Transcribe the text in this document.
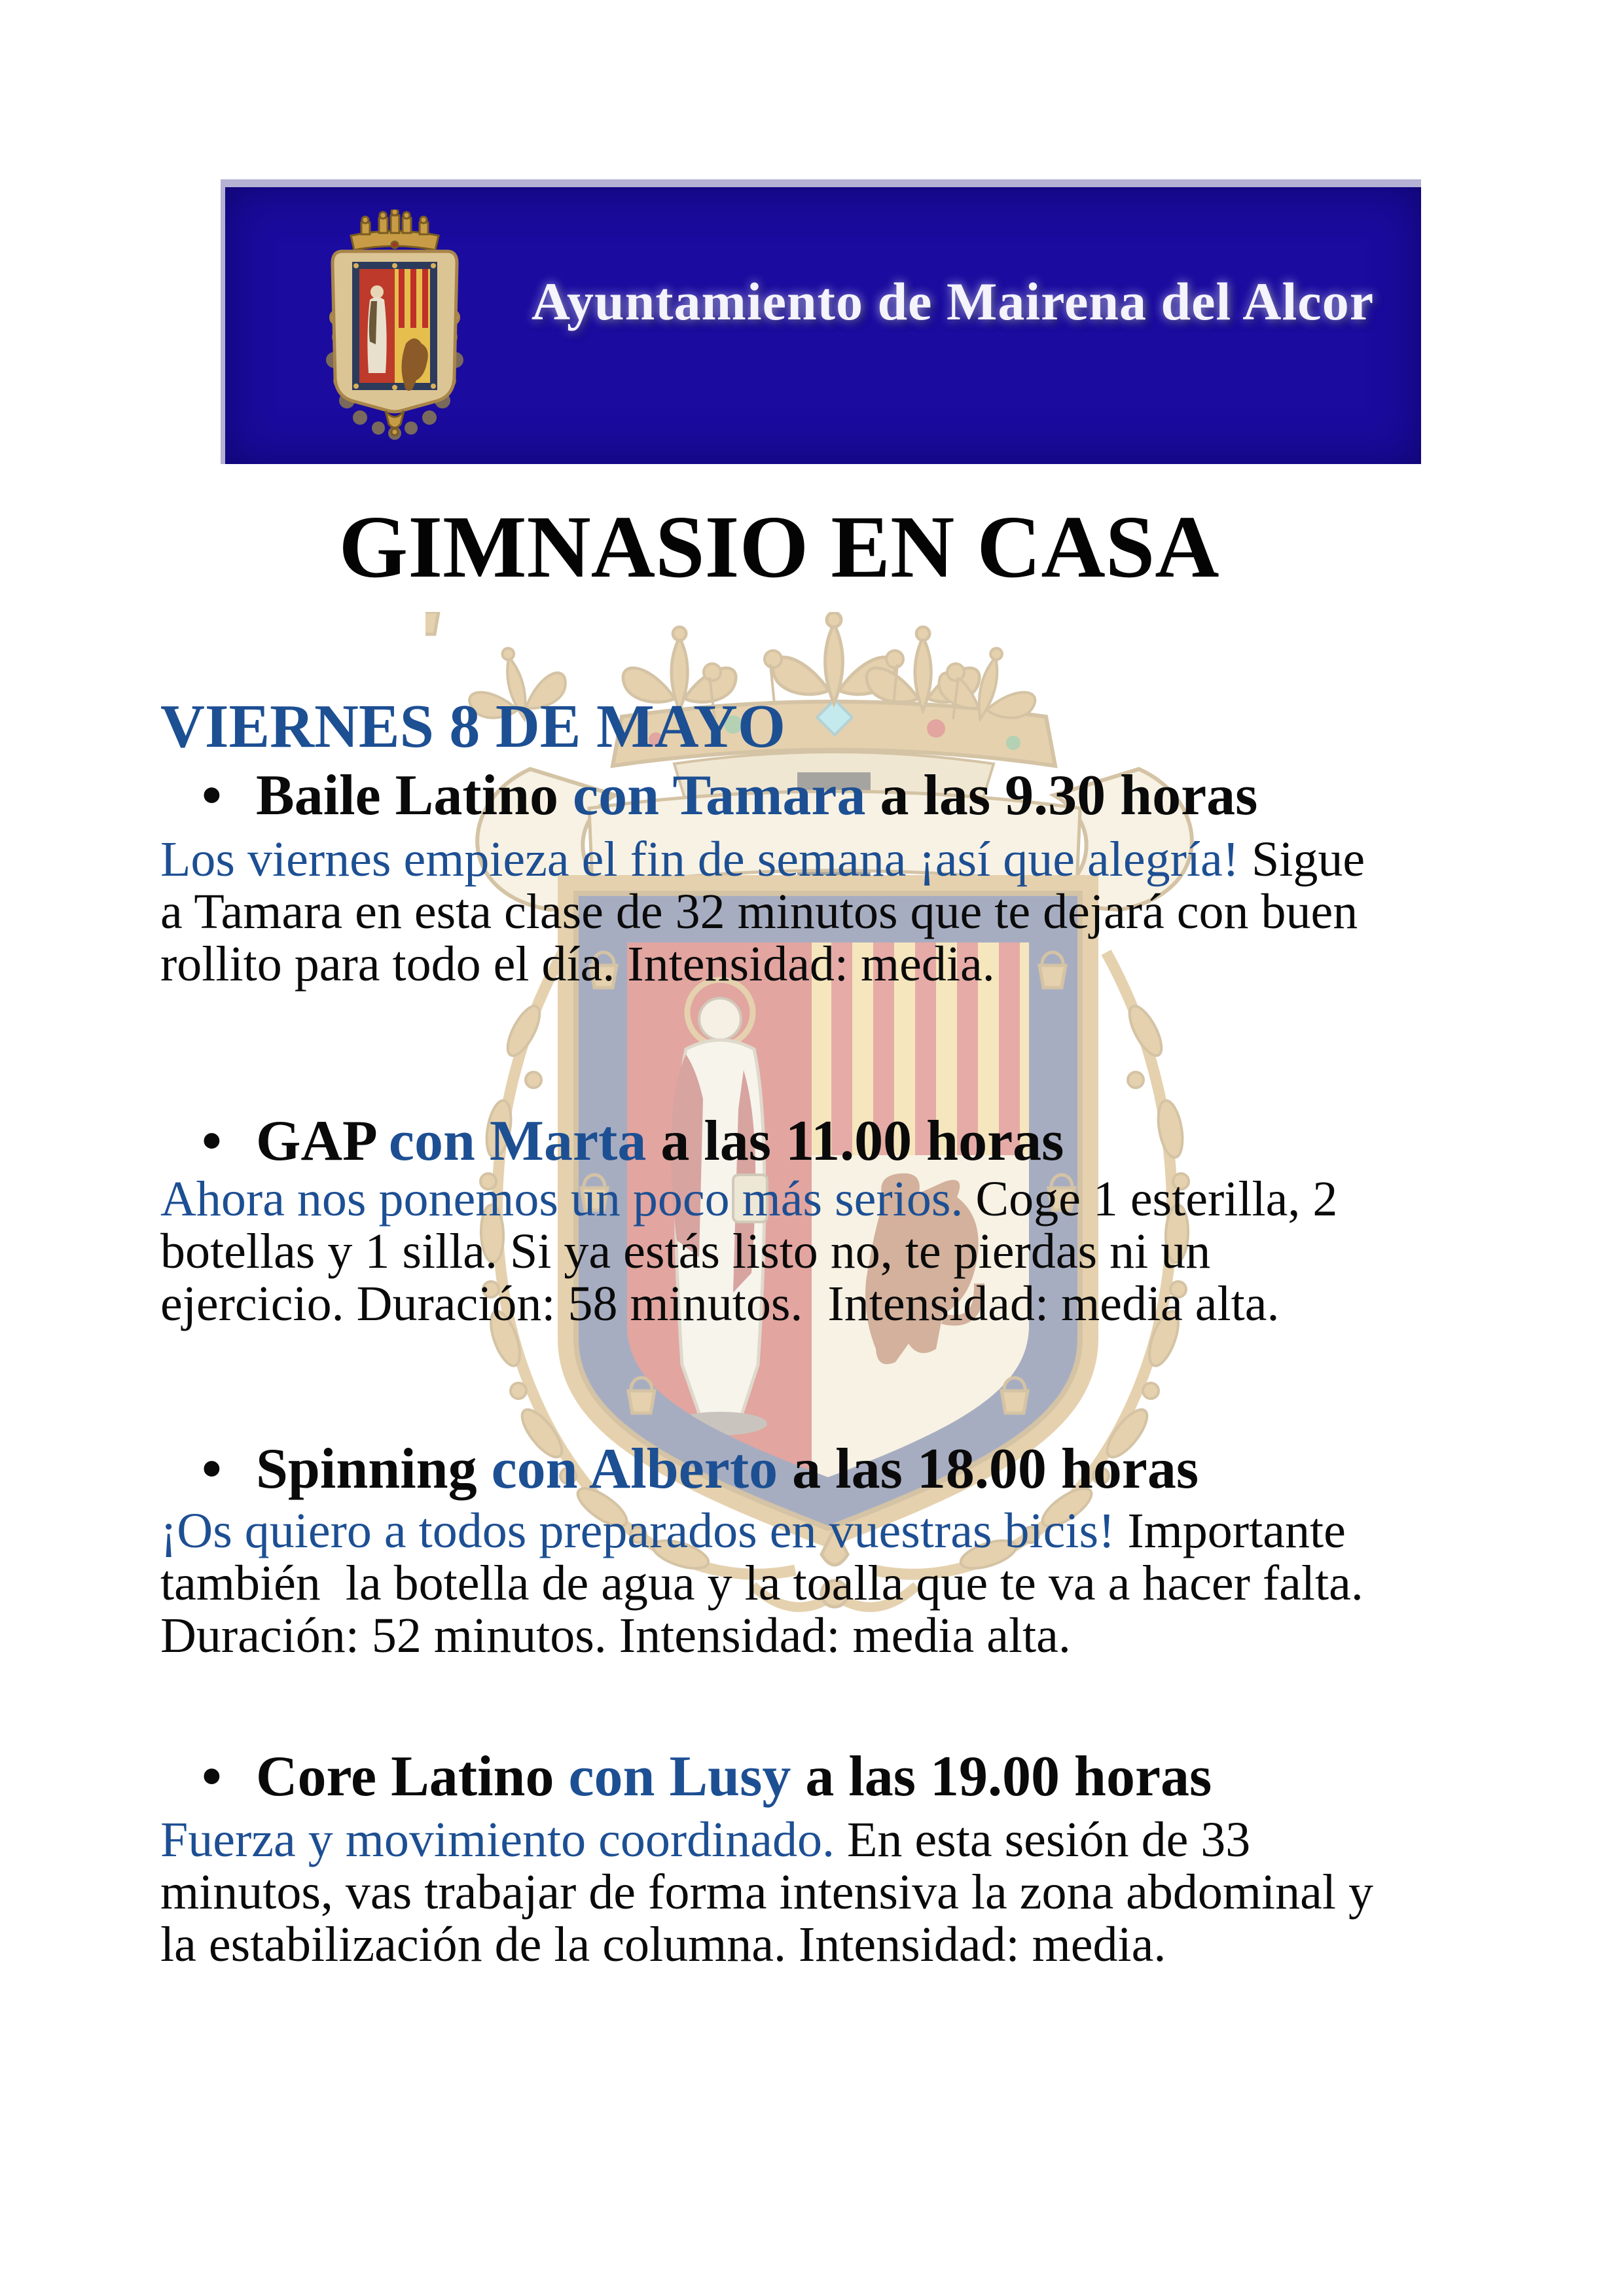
Ayuntamiento de Mairena del Alcor
GIMNASIO EN CASA
VIERNES 8 DE MAYO
• Baile Latino con Tamara a las 9.30 horas
Los viernes empieza el fin de semana ¡así que alegría! Sigue
a Tamara en esta clase de 32 minutos que te dejará con buen
rollito para todo el día. Intensidad: media.
• GAP con Marta a las 11.00 horas
Ahora nos ponemos un poco más serios. Coge 1 esterilla, 2
botellas y 1 silla. Si ya estás listo no, te pierdas ni un
ejercicio. Duración: 58 minutos.  Intensidad: media alta.
• Spinning con Alberto a las 18.00 horas
¡Os quiero a todos preparados en vuestras bicis! Importante
también  la botella de agua y la toalla que te va a hacer falta.
Duración: 52 minutos. Intensidad: media alta.
• Core Latino con Lusy a las 19.00 horas
Fuerza y movimiento coordinado. En esta sesión de 33
minutos, vas trabajar de forma intensiva la zona abdominal y
la estabilización de la columna. Intensidad: media.
